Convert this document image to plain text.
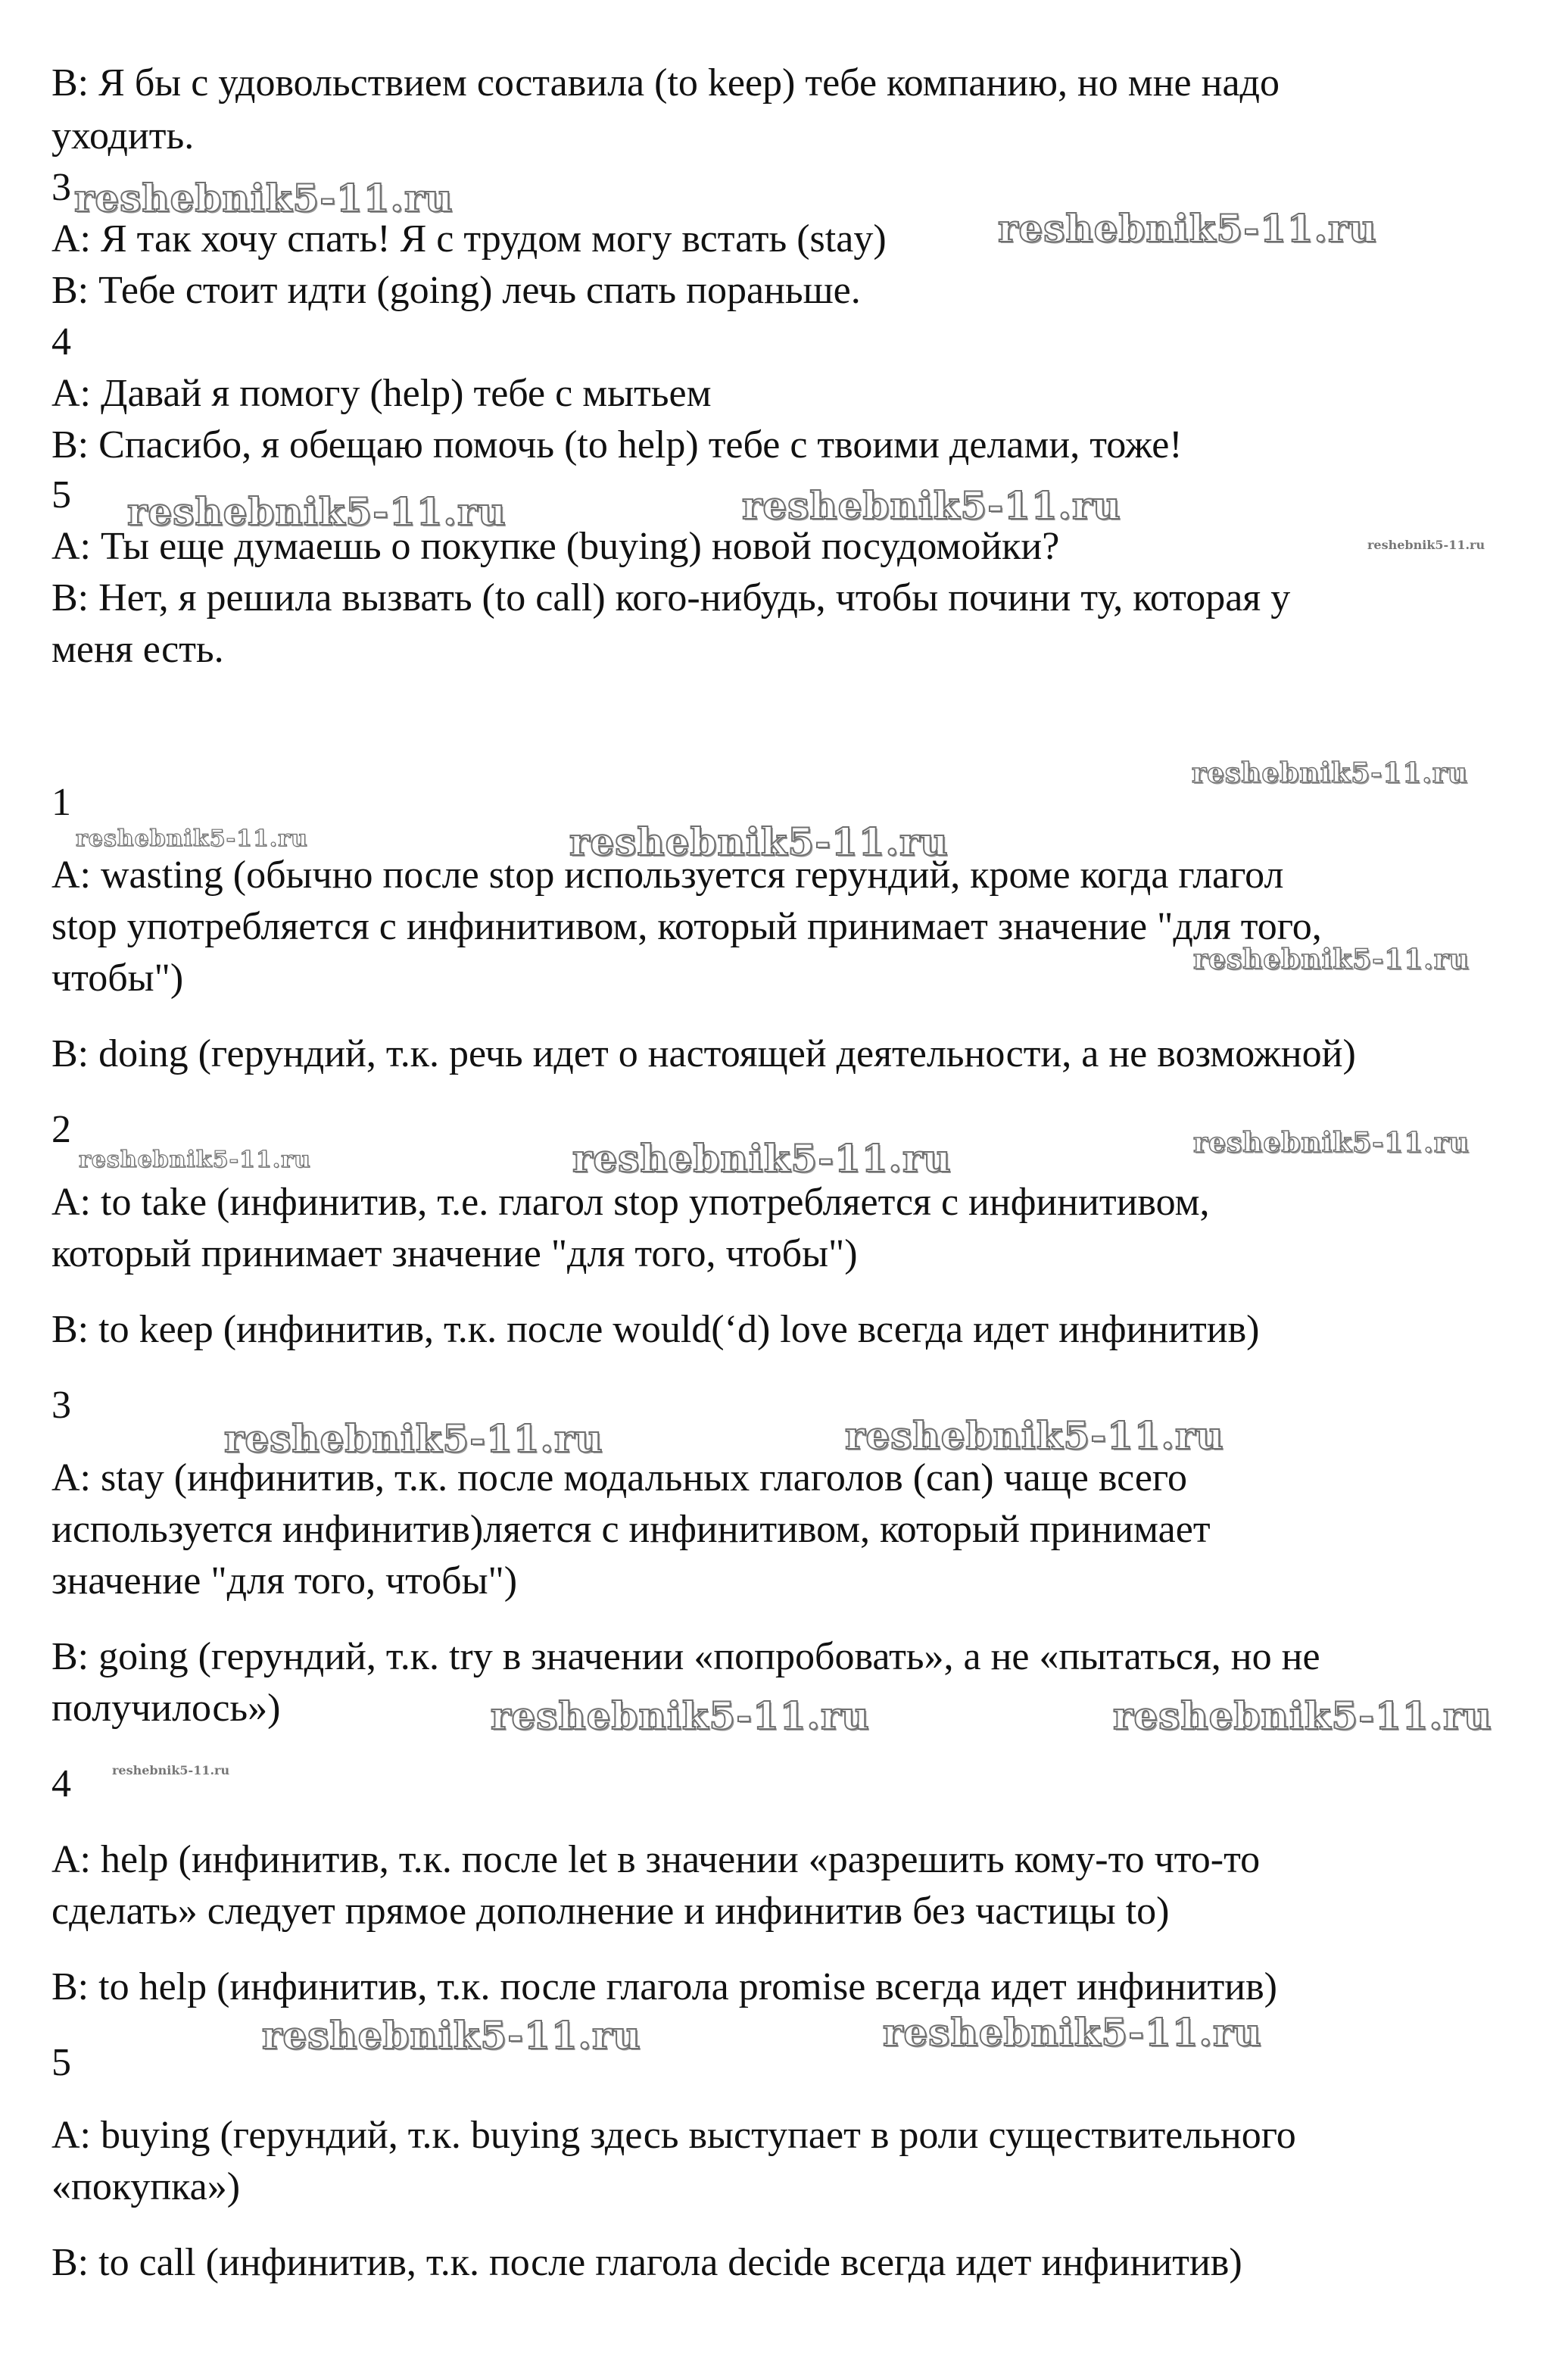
B: Я бы с удовольствием составила (to keep) тебе компанию, но мне надо

уходить.

3

A: Я так хочу спать! Я с трудом могу встать (stay)

B: Тебе стоит идти (going) лечь спать пораньше.

4

A: Давай я помогу (help) тебе с мытьем

B: Спасибо, я обещаю помочь (to help) тебе с твоими делами, тоже!

5

A: Ты еще думаешь о покупке (buying) новой посудомойки?

B: Нет, я решила вызвать (to call) кого-нибудь, чтобы почини ту, которая у

меня есть.

1

A: wasting (обычно после stop используется герундий, кроме когда глагол

stop употребляется с инфинитивом, который принимает значение "для того,

чтобы")

B: doing (герундий, т.к. речь идет о настоящей деятельности, а не возможной)

2

A: to take (инфинитив, т.е. глагол stop употребляется с инфинитивом,

который принимает значение "для того, чтобы")

B: to keep (инфинитив, т.к. после would(‘d) love всегда идет инфинитив)

3

A: stay (инфинитив, т.к. после модальных глаголов (can) чаще всего

используется инфинитив)ляется с инфинитивом, который принимает

значение "для того, чтобы")

B: going (герундий, т.к. try в значении «попробовать», а не «пытаться, но не

получилось»)

4

A: help (инфинитив, т.к. после let в значении «разрешить кому-то что-то

сделать» следует прямое дополнение и инфинитив без частицы to)

B: to help (инфинитив, т.к. после глагола promise всегда идет инфинитив)

5

A: buying (герундий, т.к. buying здесь выступает в роли существительного

«покупка»)

B: to call (инфинитив, т.к. после глагола decide всегда идет инфинитив)

reshebnik5-11.ru
reshebnik5-11.ru
reshebnik5-11.ru	reshebnik5-11.ru
reshebnik5-11.ru
reshebnik5-11.ru
reshebnik5-11.ru	reshebnik5-11.ru
reshebnik5-11.ru
reshebnik5-11.ru	reshebnik5-11.ru	reshebnik5-11.ru
reshebnik5-11.ru	reshebnik5-11.ru
reshebnik5-11.ru	reshebnik5-11.ru
reshebnik5-11.ru
reshebnik5-11.ru	reshebnik5-11.ru
